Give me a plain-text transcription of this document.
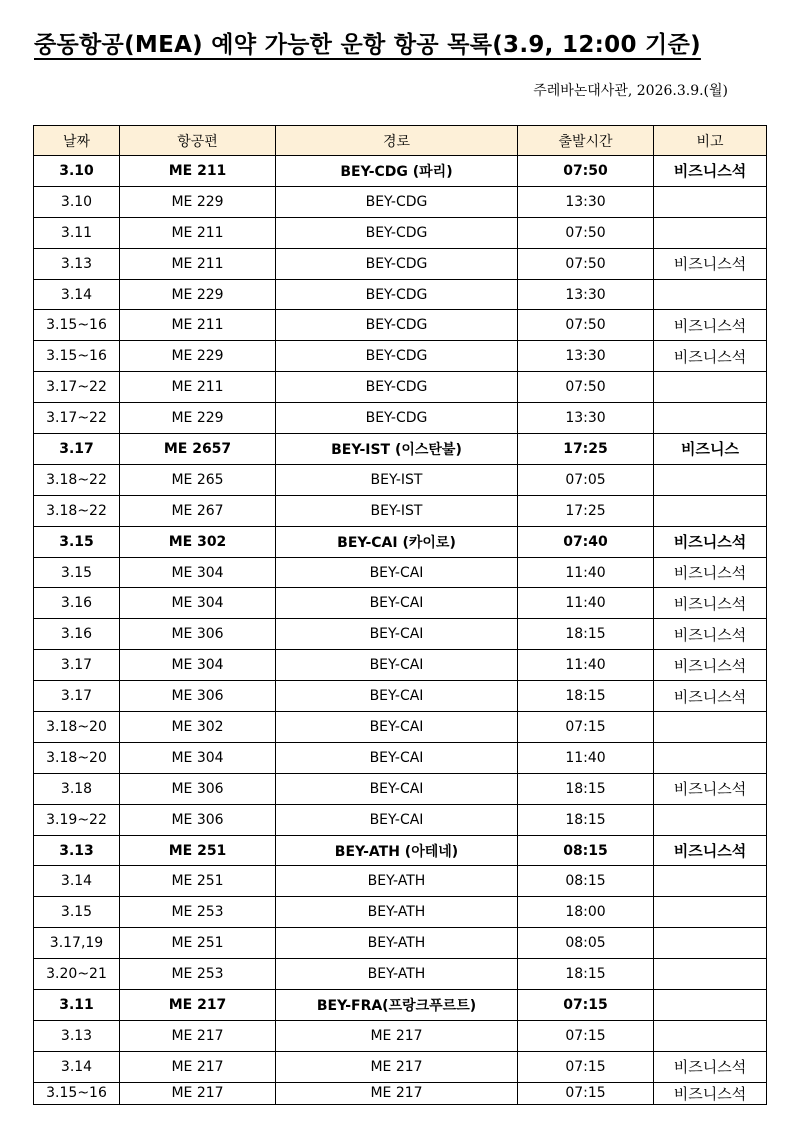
중동항공(MEA) 예약 가능한 운항 항공 목록(3.9, 12:00 기준)
주레바논대사관, 2026.3.9.(월)
날짜	항공편	경로	출발시간	비고
3.10	ME 211	BEY-CDG (파리)	07:50	비즈니스석
3.10	ME 229	BEY-CDG	13:30	
3.11	ME 211	BEY-CDG	07:50	
3.13	ME 211	BEY-CDG	07:50	비즈니스석
3.14	ME 229	BEY-CDG	13:30	
3.15~16	ME 211	BEY-CDG	07:50	비즈니스석
3.15~16	ME 229	BEY-CDG	13:30	비즈니스석
3.17~22	ME 211	BEY-CDG	07:50	
3.17~22	ME 229	BEY-CDG	13:30	
3.17	ME 2657	BEY-IST (이스탄불)	17:25	비즈니스
3.18~22	ME 265	BEY-IST	07:05	
3.18~22	ME 267	BEY-IST	17:25	
3.15	ME 302	BEY-CAI (카이로)	07:40	비즈니스석
3.15	ME 304	BEY-CAI	11:40	비즈니스석
3.16	ME 304	BEY-CAI	11:40	비즈니스석
3.16	ME 306	BEY-CAI	18:15	비즈니스석
3.17	ME 304	BEY-CAI	11:40	비즈니스석
3.17	ME 306	BEY-CAI	18:15	비즈니스석
3.18~20	ME 302	BEY-CAI	07:15	
3.18~20	ME 304	BEY-CAI	11:40	
3.18	ME 306	BEY-CAI	18:15	비즈니스석
3.19~22	ME 306	BEY-CAI	18:15	
3.13	ME 251	BEY-ATH (아테네)	08:15	비즈니스석
3.14	ME 251	BEY-ATH	08:15	
3.15	ME 253	BEY-ATH	18:00	
3.17,19	ME 251	BEY-ATH	08:05	
3.20~21	ME 253	BEY-ATH	18:15	
3.11	ME 217	BEY-FRA(프랑크푸르트)	07:15	
3.13	ME 217	ME 217	07:15	
3.14	ME 217	ME 217	07:15	비즈니스석
3.15~16	ME 217	ME 217	07:15	비즈니스석
